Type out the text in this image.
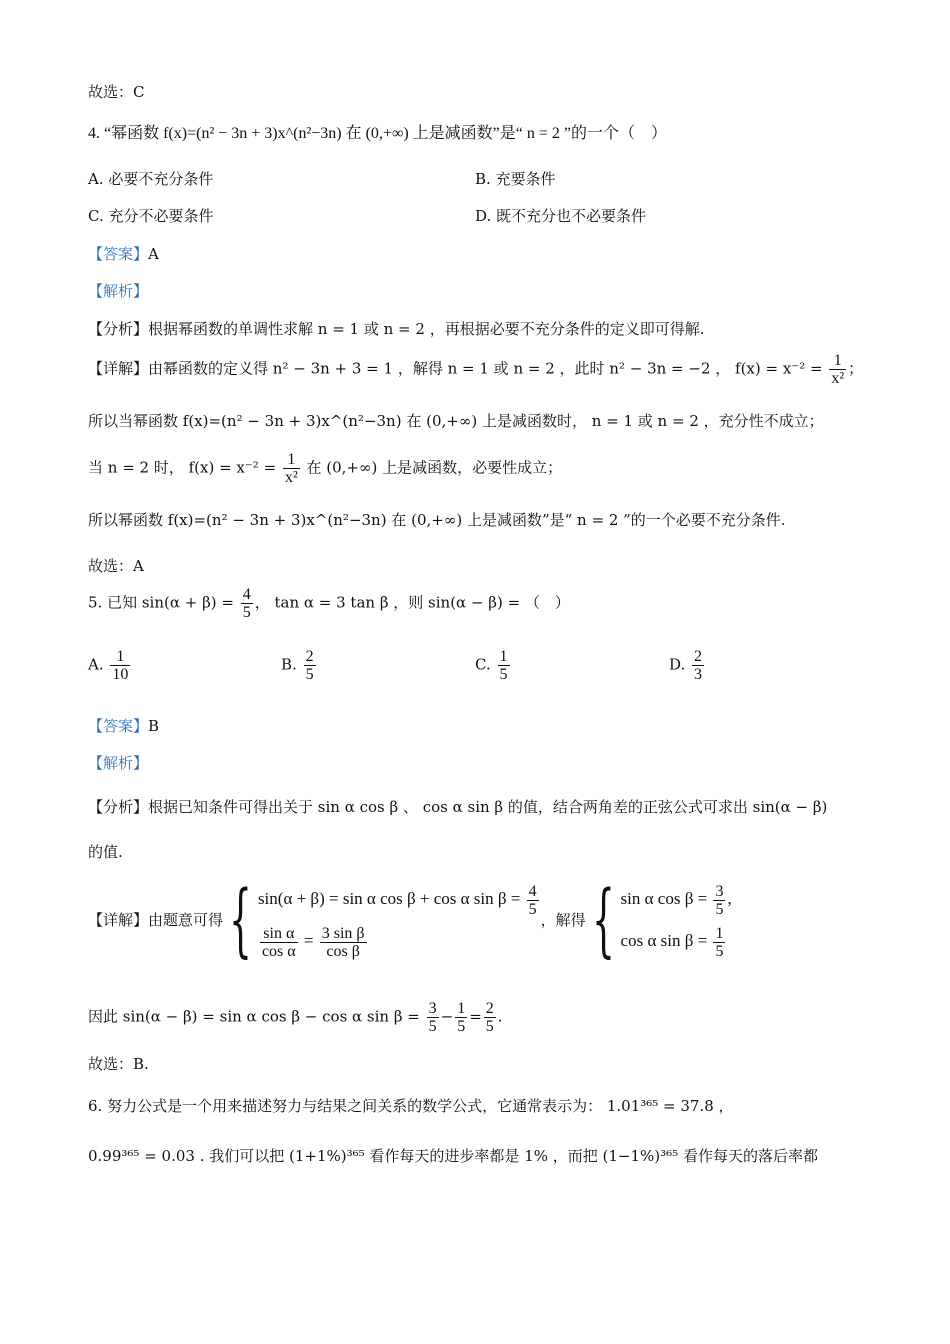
故选：C
4. “幂函数 f(x)=(n² − 3n + 3)x^(n²−3n) 在 (0,+∞) 上是减函数”是“ n = 2 ”的一个（　）
A. 必要不充分条件	B. 充要条件
C. 充分不必要条件	D. 既不充分也不必要条件
【答案】A
【解析】
【分析】根据幂函数的单调性求解 n = 1 或 n = 2 ，再根据必要不充分条件的定义即可得解.
【详解】由幂函数的定义得 n² − 3n + 3 = 1 ，解得 n = 1 或 n = 2 ，此时 n² − 3n = −2 ， $f(x) = x^{-2} = \frac{1}{\text{x²}}$ ；
所以当幂函数 f(x)=(n² − 3n + 3)x^(n²−3n) 在 (0,+∞) 上是减函数时， n = 1 或 n = 2 ，充分性不成立；
当 n = 2 时， $f(x) = x^{-2} = \frac{1}{\text{x²}}$ 在 (0,+∞) 上是减函数，必要性成立；
所以幂函数 f(x)=(n² − 3n + 3)x^(n²−3n) 在 (0,+∞) 上是减函数”是“ n = 2 ”的一个必要不充分条件.
故选：A
5. 已知 $\sin(\alpha + \beta) = \frac{4}{5}$ ， tan α = 3 tan β ，则 sin(α − β) = （　）
A. $\frac{1}{10}$	B. $\frac{2}{5}$	C. $\frac{1}{5}$	D. $\frac{2}{3}$
【答案】B
【解析】
【分析】根据已知条件可得出关于 sin α cos β 、 cos α sin β 的值，结合两角差的正弦公式可求出 sin(α − β)
的值.
【详解】由题意可得{ sin(α + β) = sin α cos β + cos α $\sin \beta = \frac{4}{5}$
$\frac{\text{sin α}}{\text{cos α}} = \frac{\text{3 sin β}}{\text{cos β}}$
，解得{ sin α $\cos \beta = \frac{3}{5}$ ,
cos α $\sin \beta = \frac{1}{5}$
因此 sin(α − β) = sin α cos β − cos α $\sin \beta = \frac{3}{5} - \frac{1}{5} = \frac{2}{5}$ .
故选：B.
6. 努力公式是一个用来描述努力与结果之间关系的数学公式，它通常表示为： 1.01³⁶⁵ = 37.8 ，
0.99³⁶⁵ = 0.03 . 我们可以把 (1+1%)³⁶⁵ 看作每天的进步率都是 1% ，而把 (1−1%)³⁶⁵ 看作每天的落后率都
